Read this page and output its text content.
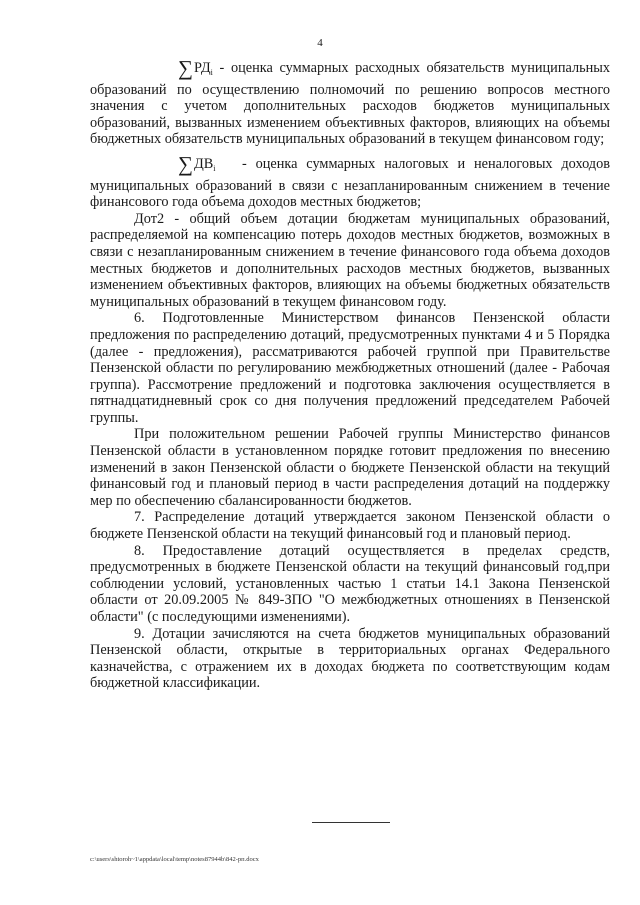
4

$\sum РД_i$ - оценка суммарных расходных обязательств муниципальных образований по осуществлению полномочий по решению вопросов местного значения с учетом дополнительных расходов бюджетов муниципальных образований, вызванных изменением объективных факторов, влияющих на объемы бюджетных обязательств муниципальных образований в текущем финансовом году;

$\sum ДВ_i$ - оценка суммарных налоговых и неналоговых доходов муниципальных образований в связи с незапланированным снижением в течение финансового года объема доходов местных бюджетов;

Дот2 - общий объем дотации бюджетам муниципальных образований, распределяемой на компенсацию потерь доходов местных бюджетов, возможных в связи с незапланированным снижением в течение финансового года объема доходов местных бюджетов и дополнительных расходов местных бюджетов, вызванных изменением объективных факторов, влияющих на объемы бюджетных обязательств муниципальных образований в текущем финансовом году.

6. Подготовленные Министерством финансов Пензенской области предложения по распределению дотаций, предусмотренных пунктами 4 и 5 Порядка (далее - предложения), рассматриваются рабочей группой при Правительстве Пензенской области по регулированию межбюджетных отношений (далее - Рабочая группа). Рассмотрение предложений и подготовка заключения осуществляется в пятнадцатидневный срок со дня получения предложений председателем Рабочей группы.

При положительном решении Рабочей группы Министерство финансов Пензенской области в установленном порядке готовит предложения по внесению изменений в закон Пензенской области о бюджете Пензенской области на текущий финансовый год и плановый период в части распределения дотаций на поддержку мер по обеспечению сбалансированности бюджетов.

7. Распределение дотаций утверждается законом Пензенской области о бюджете Пензенской области на текущий финансовый год и плановый период.

8. Предоставление дотаций осуществляется в пределах средств, предусмотренных в бюджете Пензенской области на текущий финансовый год,при соблюдении условий, установленных частью 1 статьи 14.1 Закона Пензенской области от 20.09.2005 № 849-ЗПО "О межбюджетных отношениях в Пензенской области" (с последующими изменениями).

9. Дотации зачисляются на счета бюджетов муниципальных образований Пензенской области, открытые в территориальных органах Федерального казначейства, с отражением их в доходах бюджета по соответствующим кодам бюджетной классификации.

c:\users\shtoroh~1\appdata\local\temp\notes87944b\842-рп.docx
